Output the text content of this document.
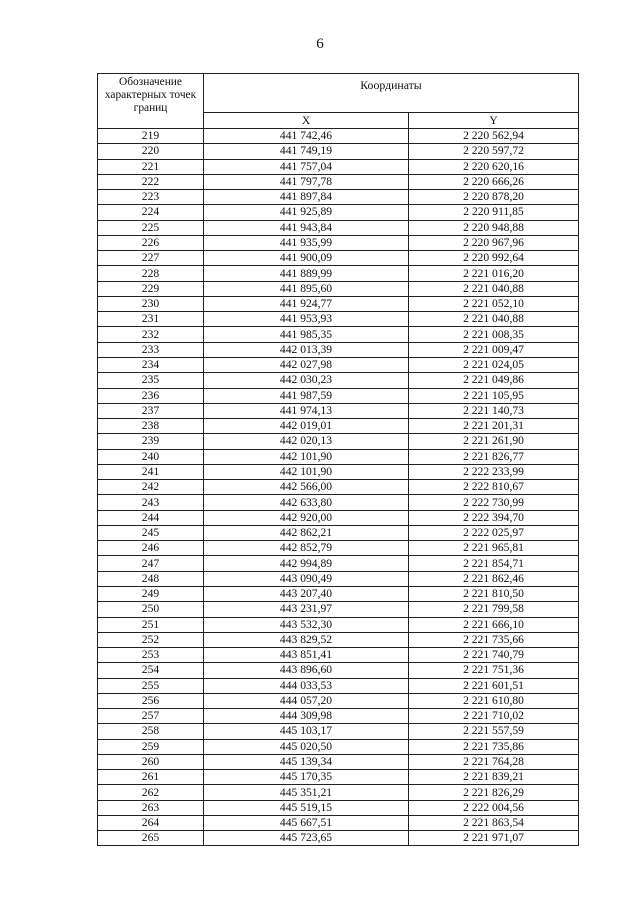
6
Обозначение характерных точек границ	Координаты	
	X	Y
219	441 742,46	2 220 562,94
220	441 749,19	2 220 597,72
221	441 757,04	2 220 620,16
222	441 797,78	2 220 666,26
223	441 897,84	2 220 878,20
224	441 925,89	2 220 911,85
225	441 943,84	2 220 948,88
226	441 935,99	2 220 967,96
227	441 900,09	2 220 992,64
228	441 889,99	2 221 016,20
229	441 895,60	2 221 040,88
230	441 924,77	2 221 052,10
231	441 953,93	2 221 040,88
232	441 985,35	2 221 008,35
233	442 013,39	2 221 009,47
234	442 027,98	2 221 024,05
235	442 030,23	2 221 049,86
236	441 987,59	2 221 105,95
237	441 974,13	2 221 140,73
238	442 019,01	2 221 201,31
239	442 020,13	2 221 261,90
240	442 101,90	2 221 826,77
241	442 101,90	2 222 233,99
242	442 566,00	2 222 810,67
243	442 633,80	2 222 730,99
244	442 920,00	2 222 394,70
245	442 862,21	2 222 025,97
246	442 852,79	2 221 965,81
247	442 994,89	2 221 854,71
248	443 090,49	2 221 862,46
249	443 207,40	2 221 810,50
250	443 231,97	2 221 799,58
251	443 532,30	2 221 666,10
252	443 829,52	2 221 735,66
253	443 851,41	2 221 740,79
254	443 896,60	2 221 751,36
255	444 033,53	2 221 601,51
256	444 057,20	2 221 610,80
257	444 309,98	2 221 710,02
258	445 103,17	2 221 557,59
259	445 020,50	2 221 735,86
260	445 139,34	2 221 764,28
261	445 170,35	2 221 839,21
262	445 351,21	2 221 826,29
263	445 519,15	2 222 004,56
264	445 667,51	2 221 863,54
265	445 723,65	2 221 971,07
